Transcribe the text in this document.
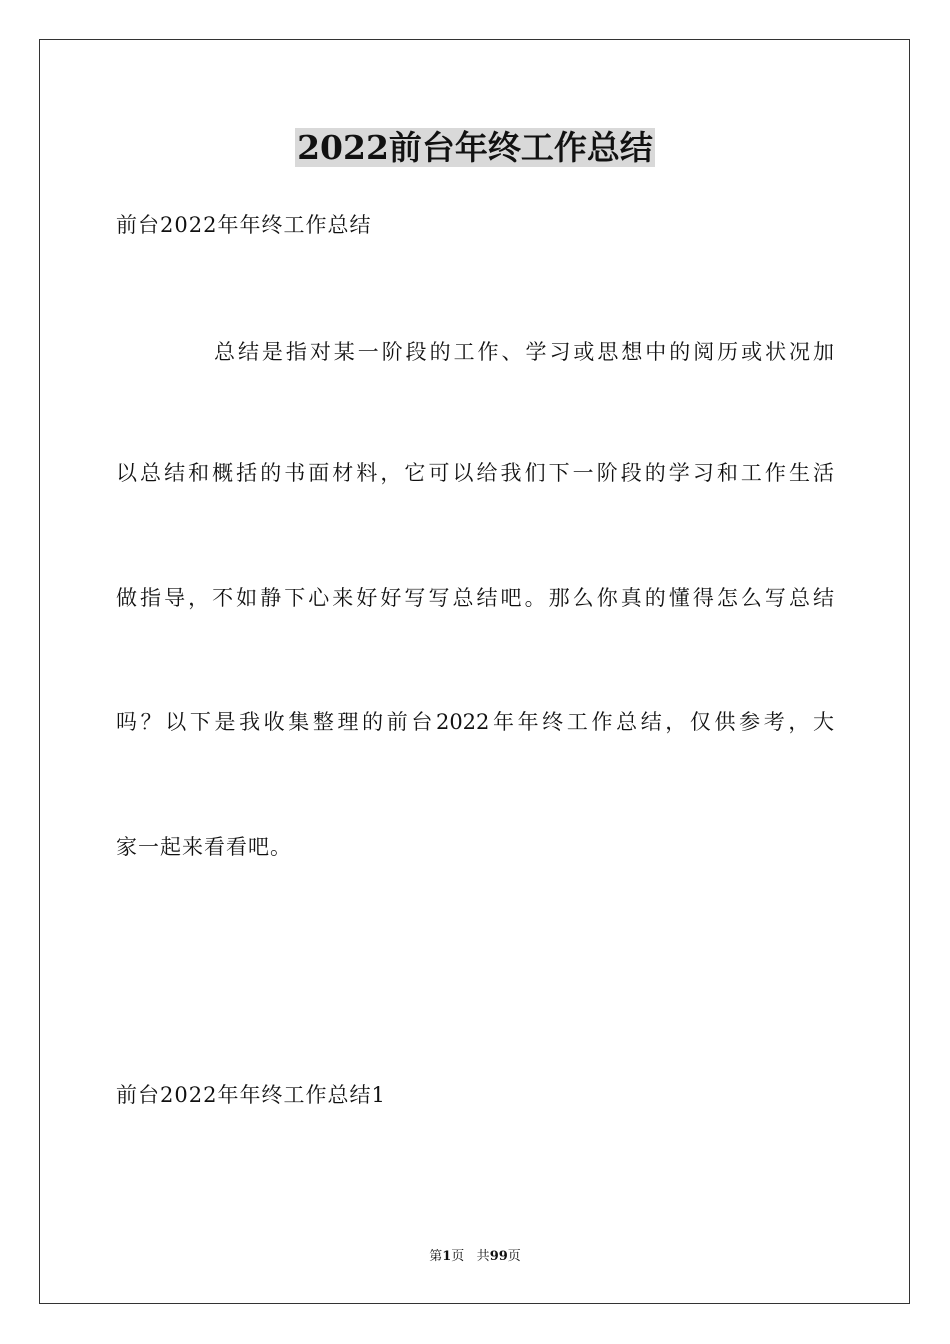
2022前台年终工作总结
前台2022年年终工作总结
总结是指对某一阶段的工作、学习或思想中的阅历或状况加
以总结和概括的书面材料，它可以给我们下一阶段的学习和工作生活
做指导，不如静下心来好好写写总结吧。那么你真的懂得怎么写总结
吗？以下是我收集整理的前台2022年年终工作总结，仅供参考，大
家一起来看看吧。
前台2022年年终工作总结1
第1页 共99页
